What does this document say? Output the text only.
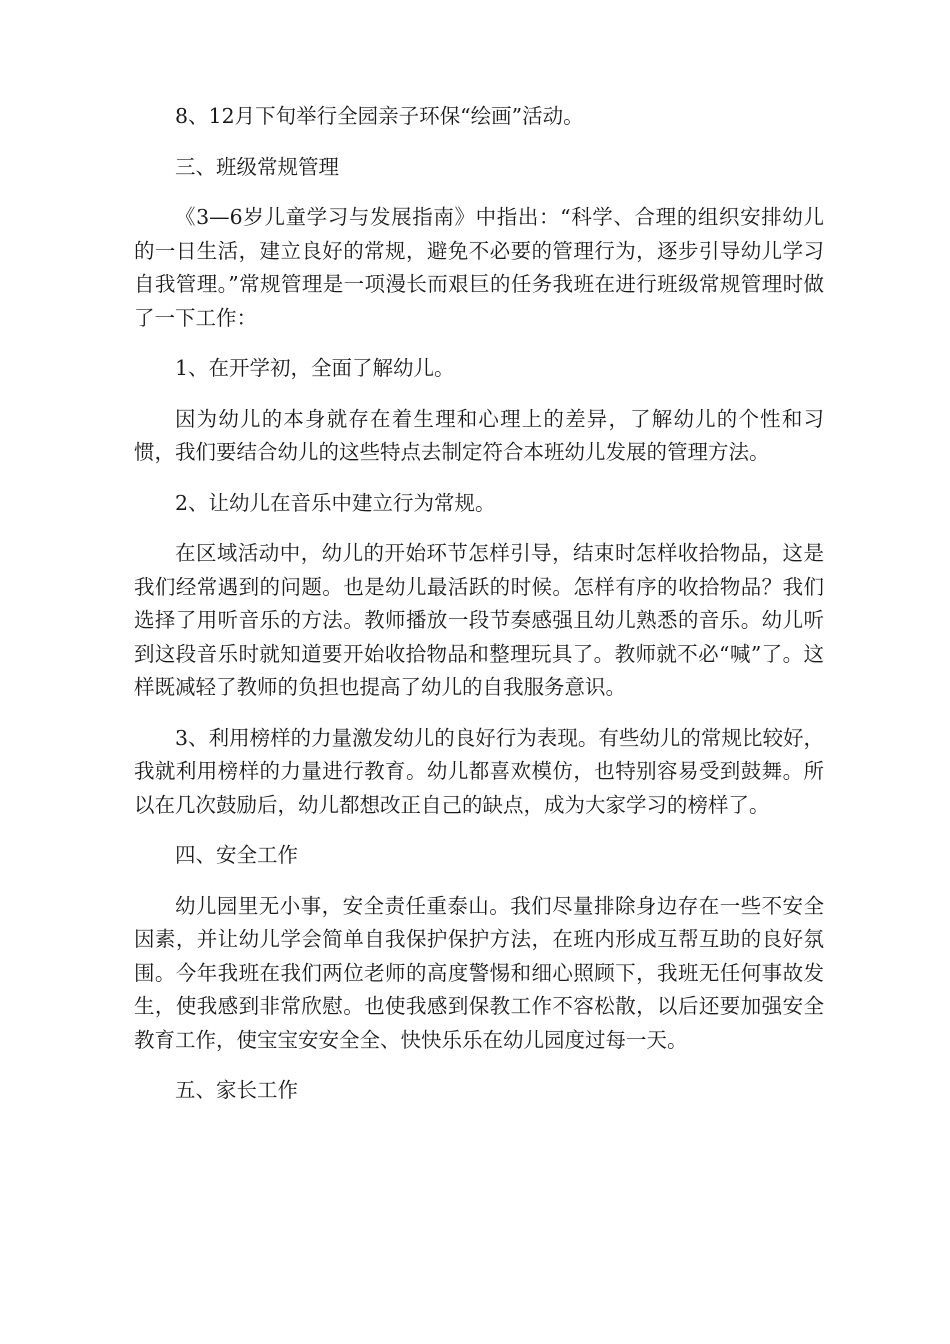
8、12月下旬举行全园亲子环保“绘画”活动。

三、班级常规管理

《3—6岁儿童学习与发展指南》中指出：“科学、合理的组织安排幼儿的一日生活，建立良好的常规，避免不必要的管理行为，逐步引导幼儿学习自我管理。”常规管理是一项漫长而艰巨的任务我班在进行班级常规管理时做了一下工作：

1、在开学初，全面了解幼儿。

因为幼儿的本身就存在着生理和心理上的差异，了解幼儿的个性和习惯，我们要结合幼儿的这些特点去制定符合本班幼儿发展的管理方法。

2、让幼儿在音乐中建立行为常规。

在区域活动中，幼儿的开始环节怎样引导，结束时怎样收拾物品，这是我们经常遇到的问题。也是幼儿最活跃的时候。怎样有序的收拾物品？我们选择了用听音乐的方法。教师播放一段节奏感强且幼儿熟悉的音乐。幼儿听到这段音乐时就知道要开始收拾物品和整理玩具了。教师就不必“喊”了。这样既减轻了教师的负担也提高了幼儿的自我服务意识。

3、利用榜样的力量激发幼儿的良好行为表现。有些幼儿的常规比较好，我就利用榜样的力量进行教育。幼儿都喜欢模仿，也特别容易受到鼓舞。所以在几次鼓励后，幼儿都想改正自己的缺点，成为大家学习的榜样了。

四、安全工作

幼儿园里无小事，安全责任重泰山。我们尽量排除身边存在一些不安全因素，并让幼儿学会简单自我保护保护方法，在班内形成互帮互助的良好氛围。今年我班在我们两位老师的高度警惕和细心照顾下，我班无任何事故发生，使我感到非常欣慰。也使我感到保教工作不容松散，以后还要加强安全教育工作，使宝宝安安全全、快快乐乐在幼儿园度过每一天。

五、家长工作
